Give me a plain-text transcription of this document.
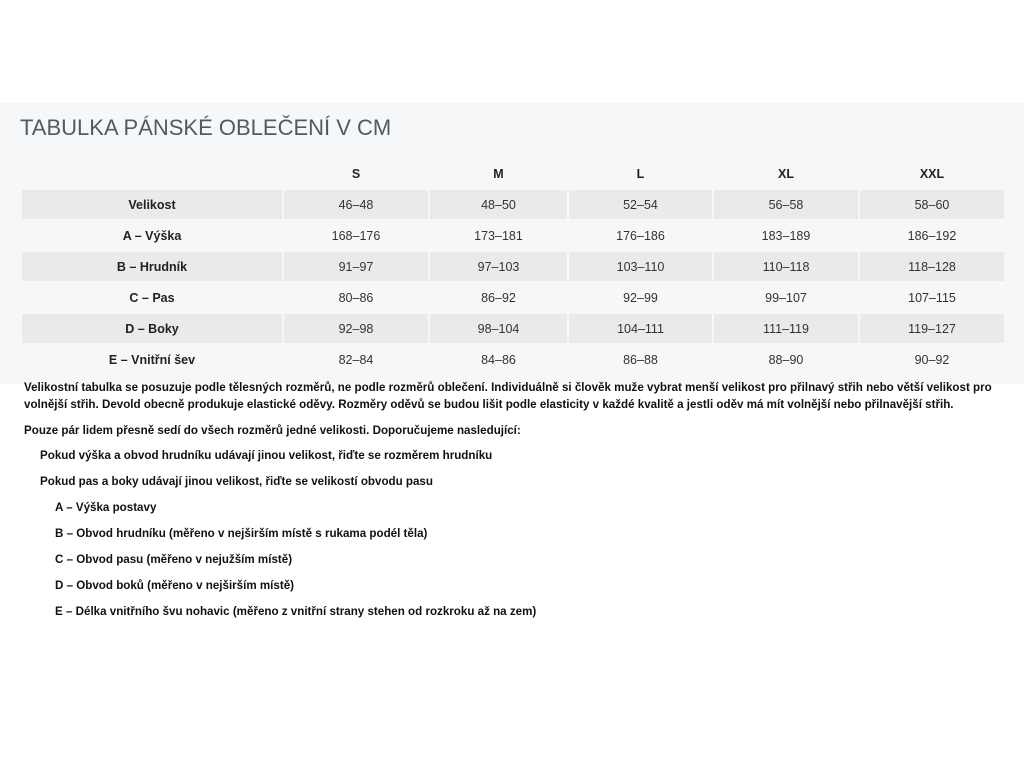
TABULKA PÁNSKÉ OBLEČENÍ V CM
	S	M	L	XL	XXL
Velikost	46–48	48–50	52–54	56–58	58–60
A – Výška	168–176	173–181	176–186	183–189	186–192
B – Hrudník	91–97	97–103	103–110	110–118	118–128
C – Pas	80–86	86–92	92–99	99–107	107–115
D – Boky	92–98	98–104	104–111	111–119	119–127
E – Vnitřní šev	82–84	84–86	86–88	88–90	90–92

Velikostní tabulka se posuzuje podle tělesných rozměrů, ne podle rozměrů oblečení. Individuálně si člověk muže vybrat menší velikost pro přilnavý střih nebo větší velikost pro volnější střih. Devold obecně produkuje elastické oděvy. Rozměry oděvů se budou lišit podle elasticity v každé kvalitě a jestli oděv má mít volnější nebo přilnavější střih.

Pouze pár lidem přesně sedí do všech rozměrů jedné velikosti. Doporučujeme nasledující:

Pokud výška a obvod hrudníku udávají jinou velikost, řiďte se rozměrem hrudníku

Pokud pas a boky udávají jinou velikost, řiďte se velikostí obvodu pasu

A – Výška postavy

B – Obvod hrudníku (měřeno v nejširším místě s rukama podél těla)

C – Obvod pasu (měřeno v nejužším místě)

D – Obvod boků (měřeno v nejširším místě)

E – Délka vnitřního švu nohavic (měřeno z vnitřní strany stehen od rozkroku až na zem)
